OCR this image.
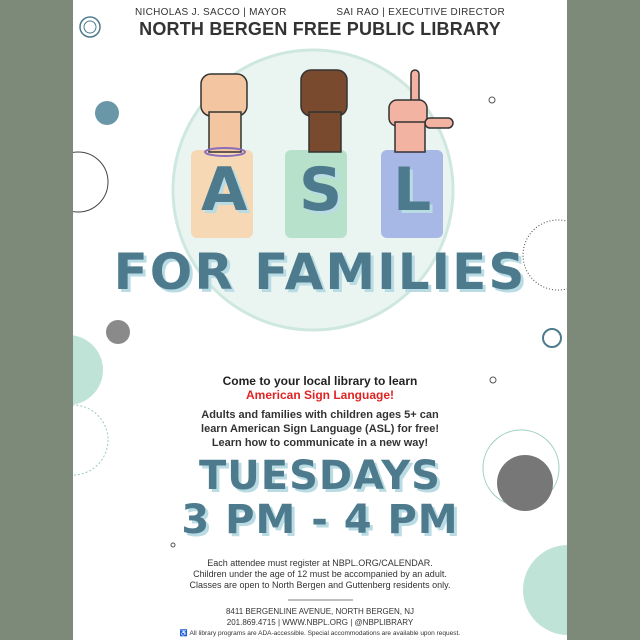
NICHOLAS J. SACCO | MAYOR	SAI RAO | EXECUTIVE DIRECTOR
NORTH BERGEN FREE PUBLIC LIBRARY
A S L
FOR FAMILIES
Come to your local library to learn
American Sign Language!
Adults and families with children ages 5+ can
learn American Sign Language (ASL) for free!
Learn how to communicate in a new way!
TUESDAYS
3 PM - 4 PM
Each attendee must register at NBPL.ORG/CALENDAR.
Children under the age of 12 must be accompanied by an adult.
Classes are open to North Bergen and Guttenberg residents only.
8411 BERGENLINE AVENUE, NORTH BERGEN, NJ
201.869.4715 | WWW.NBPL.ORG | @NBPLIBRARY
♿ All library programs are ADA-accessible. Special accommodations are available upon request.
